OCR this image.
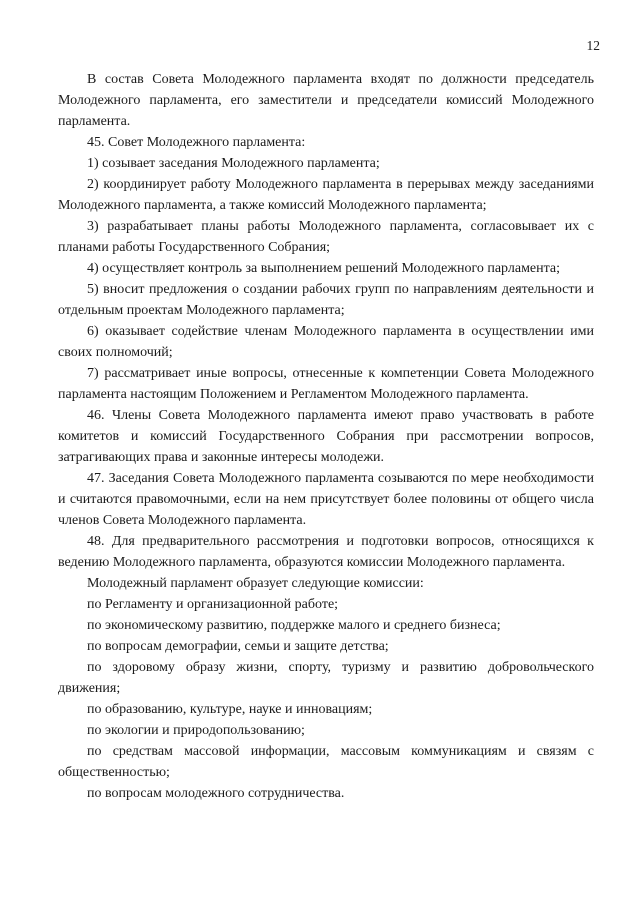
12

В состав Совета Молодежного парламента входят по должности председатель Молодежного парламента, его заместители и председатели комиссий Молодежного парламента.

45. Совет Молодежного парламента:

1) созывает заседания Молодежного парламента;

2) координирует работу Молодежного парламента в перерывах между заседаниями Молодежного парламента, а также комиссий Молодежного парламента;

3) разрабатывает планы работы Молодежного парламента, согласовывает их с планами работы Государственного Собрания;

4) осуществляет контроль за выполнением решений Молодежного парламента;

5) вносит предложения о создании рабочих групп по направлениям деятельности и отдельным проектам Молодежного парламента;

6) оказывает содействие членам Молодежного парламента в осуществлении ими своих полномочий;

7) рассматривает иные вопросы, отнесенные к компетенции Совета Молодежного парламента настоящим Положением и Регламентом Молодежного парламента.

46. Члены Совета Молодежного парламента имеют право участвовать в работе комитетов и комиссий Государственного Собрания при рассмотрении вопросов, затрагивающих права и законные интересы молодежи.

47. Заседания Совета Молодежного парламента созываются по мере необходимости и считаются правомочными, если на нем присутствует более половины от общего числа членов Совета Молодежного парламента.

48. Для предварительного рассмотрения и подготовки вопросов, относящихся к ведению Молодежного парламента, образуются комиссии Молодежного парламента.

Молодежный парламент образует следующие комиссии:

по Регламенту и организационной работе;

по экономическому развитию, поддержке малого и среднего бизнеса;

по вопросам демографии, семьи и защите детства;

по здоровому образу жизни, спорту, туризму и развитию добровольческого движения;

по образованию, культуре, науке и инновациям;

по экологии и природопользованию;

по средствам массовой информации, массовым коммуникациям и связям с общественностью;

по вопросам молодежного сотрудничества.
